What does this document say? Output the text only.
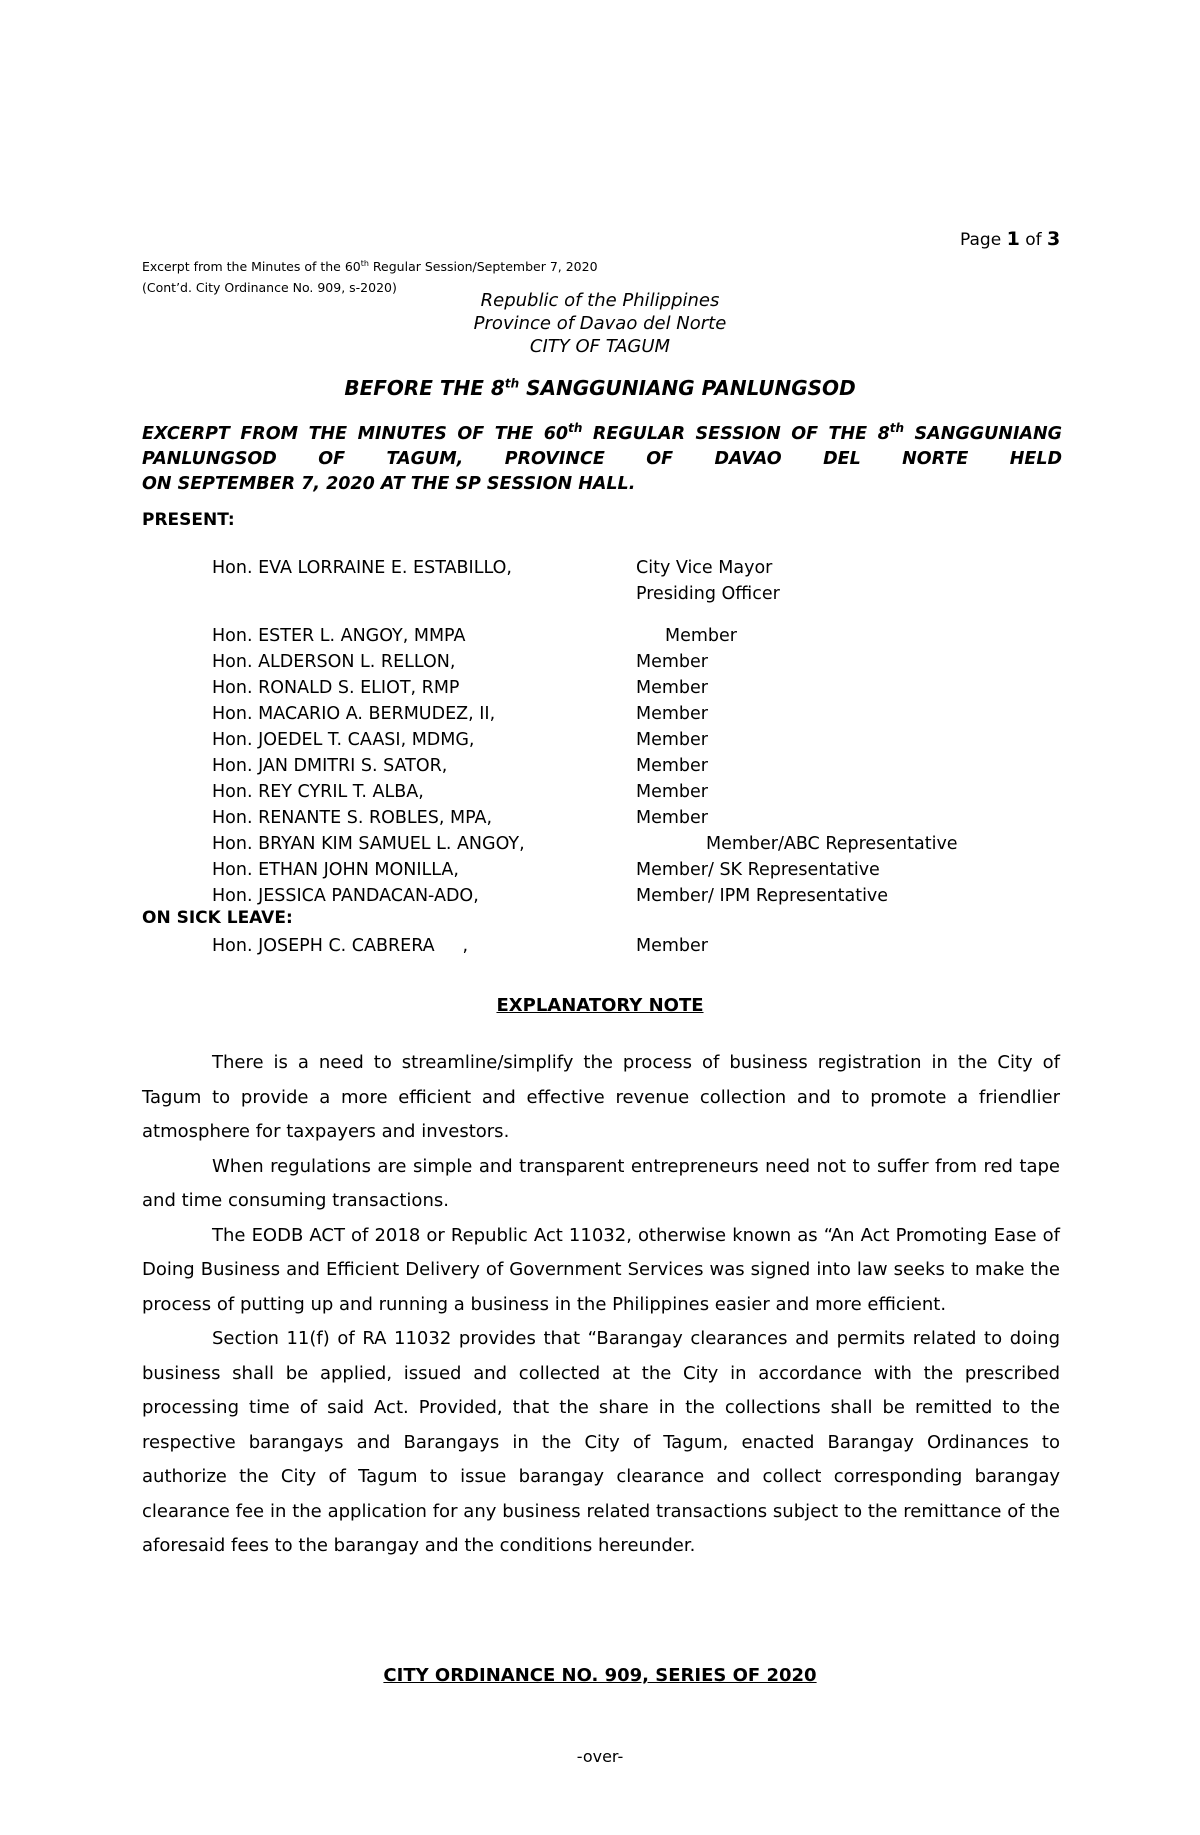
Page 1 of 3
Excerpt from the Minutes of the 60th Regular Session/September 7, 2020
(Cont’d. City Ordinance No. 909, s-2020)
Republic of the Philippines
Province of Davao del Norte
CITY OF TAGUM
BEFORE THE 8th SANGGUNIANG PANLUNGSOD
EXCERPT FROM THE MINUTES OF THE 60th REGULAR SESSION OF THE 8th SANGGUNIANG PANLUNGSOD OF TAGUM, PROVINCE OF DAVAO DEL NORTE HELD
ON SEPTEMBER 7, 2020 AT THE SP SESSION HALL.
PRESENT:
Hon. EVA LORRAINE E. ESTABILLO,	City Vice Mayor
Presiding Officer
Hon. ESTER L. ANGOY, MMPA	Member
Hon. ALDERSON L. RELLON,	Member
Hon. RONALD S. ELIOT, RMP	Member
Hon. MACARIO A. BERMUDEZ, II,	Member
Hon. JOEDEL T. CAASI, MDMG,	Member
Hon. JAN DMITRI S. SATOR,	Member
Hon. REY CYRIL T. ALBA,	Member
Hon. RENANTE S. ROBLES, MPA,	Member
Hon. BRYAN KIM SAMUEL L. ANGOY,	Member/ABC Representative
Hon. ETHAN JOHN MONILLA,	Member/ SK Representative
Hon. JESSICA PANDACAN-ADO,	Member/ IPM Representative
ON SICK LEAVE:
Hon. JOSEPH C. CABRERA     ,	Member
EXPLANATORY NOTE

There is a need to streamline/simplify the process of business registration in the City of Tagum to provide a more efficient and effective revenue collection and to promote a friendlier atmosphere for taxpayers and investors.

When regulations are simple and transparent entrepreneurs need not to suffer from red tape and time consuming transactions.

The EODB ACT of 2018 or Republic Act 11032, otherwise known as “An Act Promoting Ease of Doing Business and Efficient Delivery of Government Services was signed into law seeks to make the process of putting up and running a business in the Philippines easier and more efficient.

Section 11(f) of RA 11032 provides that “Barangay clearances and permits related to doing business shall be applied, issued and collected at the City in accordance with the prescribed processing time of said Act. Provided, that the share in the collections shall be remitted to the respective barangays and Barangays in the City of Tagum, enacted Barangay Ordinances to authorize the City of Tagum to issue barangay clearance and collect corresponding barangay clearance fee in the application for any business related transactions subject to the remittance of the aforesaid fees to the barangay and the conditions hereunder.

CITY ORDINANCE NO. 909, SERIES OF 2020
-over-
